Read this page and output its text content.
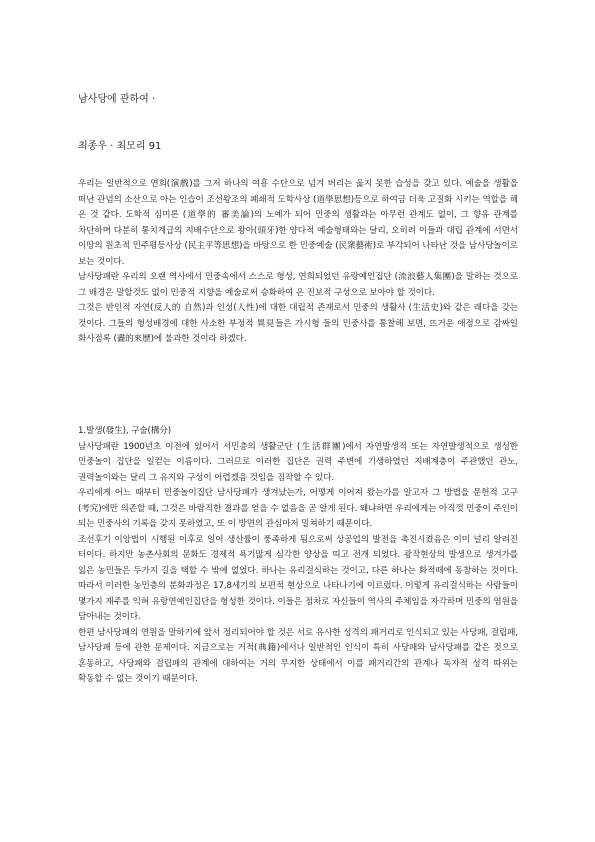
남사당에 관하여 ·
최종우 · 최모리 91

우리는 일반적으로 연희(演戲)를 그저 하나의 여흥 수단으로 넘겨 버리는 옳지 못한 습성을 갖고 있다. 예술을 생활을 떠난 관념의 소산으로 아는 인습이 조선왕조의 폐쇄적 도학사상 (道學思想)등으로 하여금 더욱 고질화 시키는 역할을 해 온 것 같다. 도학적 심미론 (道學的 審美論)의 노예가 되어 민중의 생활과는 아무런 관계도 없이, 그 향유 관계를 차단하며 다분히 통치계급의 지배수단으로 왕아(頭牙)한 양다적 예술형태와는 달리, 오히려 이들과 대립 관계에 서면서 이땅의 원초적 민주평등사상 (民主平等思想)을 바탕으로 한 민중예술 (民衆藝術)로 부각되어 나타난 것을 남사당놀이로 보는 것이다.

남사당패란 우리의 오랜 역사에서 민중속에서 스스로 형성, 연희되었던 유랑예인집단 (流浪藝人集團)을 말하는 것으로 그 배경은 말할것도 없이 민중적 지향을 예술로써 승화하여 온 진보적 구성으로 보아야 할 것이다.

그것은 반인적 자연(反人的 自然)과 인성(人性)에 대한 대립적 존재로서 민중의 생활사 (生活史)와 같은 래다을 갖는 것이다. 그들의 형성배경에 대한 사소한 부정적 異見들은 가시형 들의 민중사를 통찰해 보면, 뜨거운 애정으로 감싸일 화사점록 (畵的來歷)에 불과한 것이라 하겠다.

1.발생(發生), 구술(構分)

남사당패란 1900년초 이전에 있어서 서민층의 생활군단 (生活群團)에서 자연발생적 또는 자연발생적으로 생성한 민중놀이 집단을 일컫는 이름이다. 그러므로 이러한 집단은 권력 주변에 기생하였던 지배계층이 주관했던 관노, 권력놀이와는 달리 그 유지와 구성이 어렵겠음 것임을 짐작할 수 있다.

우리에게 어느 때부터 민중놀이집단 남사당패가 생겨났는가, 어떻게 이어져 왔는가를 알고자 그 방법을 문헌적 고구(考究)에만 의존할 때, 그것은 바람직한 결과를 얻을 수 없음을 곧 알게 된다. 왜냐하면 우리에게는 아직껏 민중이 주인이 되는 민중사의 기록을 갖지 못하였고, 또 이 방면의 관심마저 밀쳐하기 때문이다.

조선후기 이앙법이 시행된 이후로 일어 생산률이 풍족하게 됨으로써 상공업의 발전을 촉진시켰음은 이미 널리 알려진 터이다. 하지만 농촌사회의 문화도 경제적 욕기많게 심각한 양상을 띠고 전개 되었다. 광작현상의 발생으로 생겨가를 잃은 농민들은 두가지 길을 택할 수 밖에 없었다. 하나는 유리걸식하는 것이고, 다른 하나는 화적떼에 동참하는 것이다. 따라서 이러한 농민층의 분화과정은 17,8세기의 보편적 현상으로 나타나기에 이르렀다. 이렇게 유리걸식하는 사람들이 몇가지 재주를 익혀 유랑연예인집단을 형성한 것이다. 이들은 점차로 자신들이 역사의 주체임을 자각하며 민중의 염원을 담아내는 것이다.

한편 남사당패의 연원을 말하기에 앞서 정리되어야 할 것은 서로 유사한 성격의 패거리로 인식되고 있는 사당패, 걸립패, 남사당패 등에 관한 문제이다. 지금으로는 거적(典籍)에서나 일반적인 인식이 특히 사당패와 남사당패를 같은 것으로 혼동하고, 사당패와 걸립패의 관계에 대하여는 거의 무지한 상태에서 이를 패거리간의 관계나 독자적 성격 따위는 확동할 수 없는 것이기 때문이다.
